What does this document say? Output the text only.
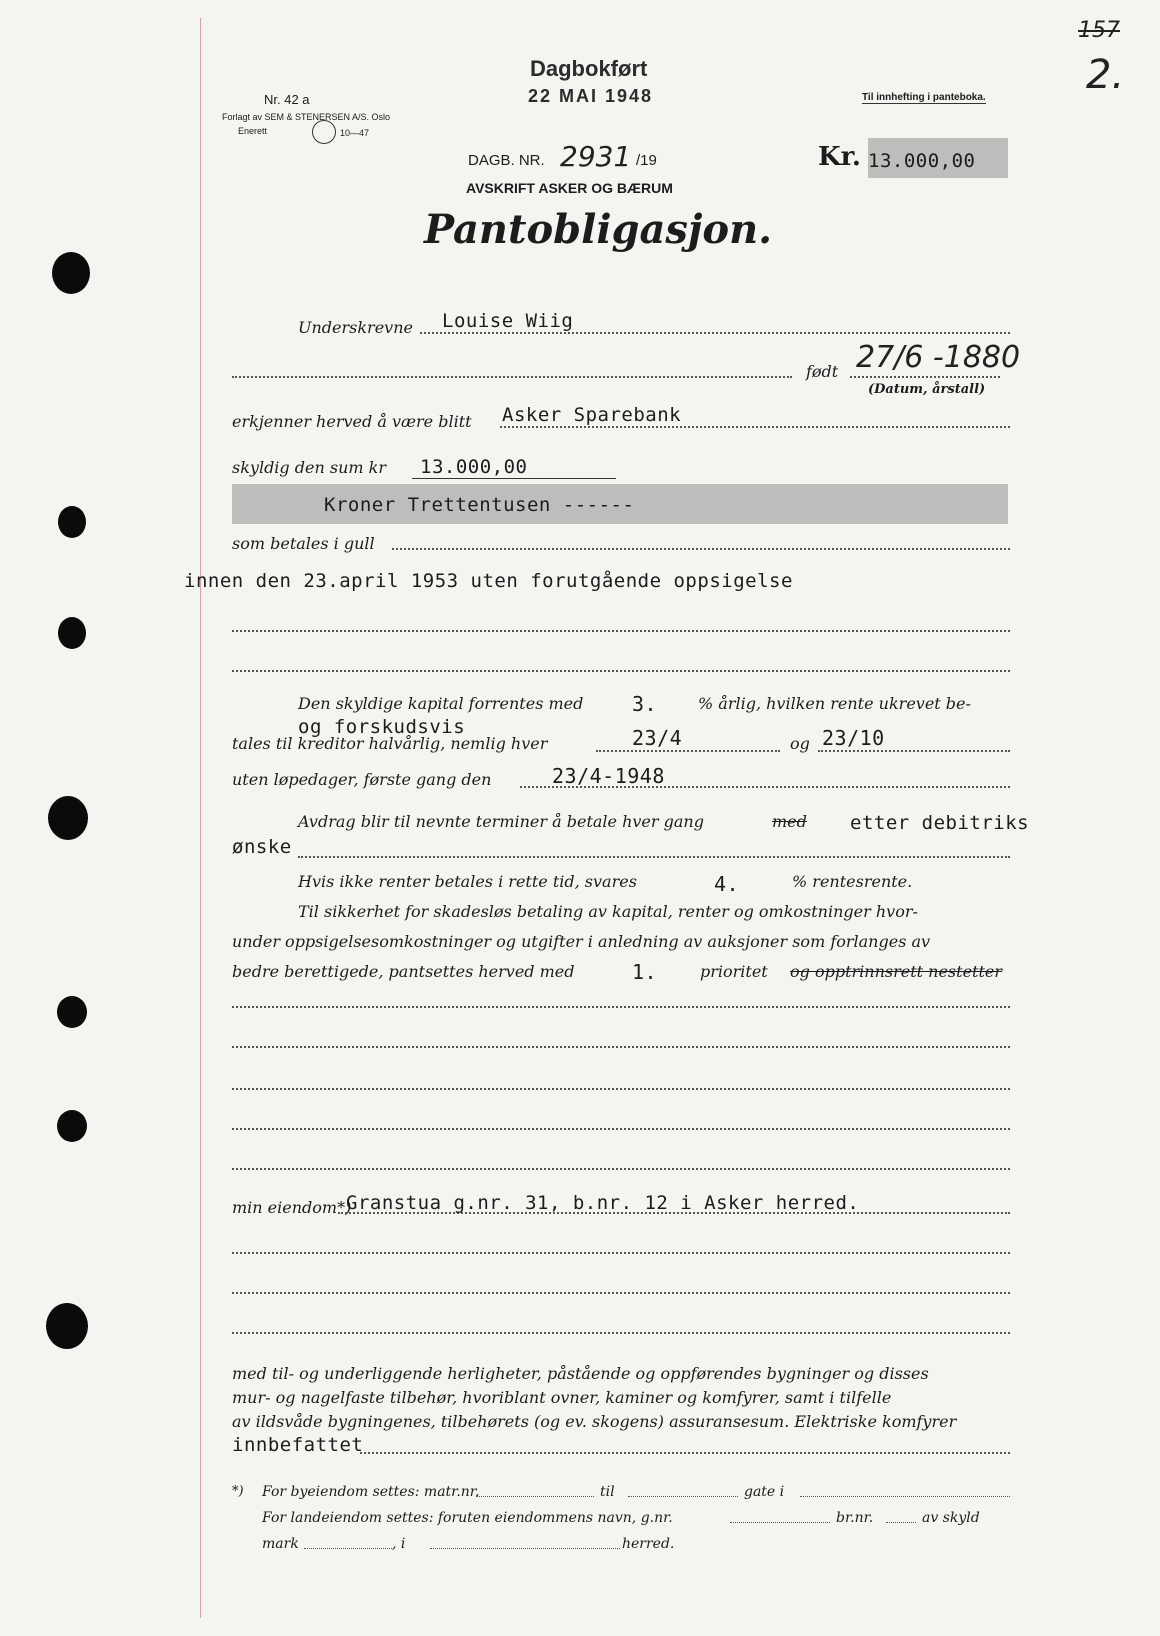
157
2.
Dagbokført
22 MAI 1948
Nr. 42 a
Forlagt av SEM & STENERSEN A/S. Oslo
Enerett	10—47
Til innhefting i panteboka.
DAGB. NR. 2931 /19
AVSKRIFT ASKER OG BÆRUM
Kr. 13.000,00
Pantobligasjon.
Underskrevne Louise Wiig
født 27/6 -1880
(Datum, årstall)
erkjenner herved å være blitt Asker Sparebank
skyldig den sum kr 13.000,00
Kroner Trettentusen ------
som betales i gull
innen den 23.april 1953 uten forutgående oppsigelse
Den skyldige kapital forrentes med 3.	% årlig, hvilken rente ukrevet be-
og forskudsvis
tales til kreditor halvårlig, nemlig hver	23/4	og 23/10
uten løpedager, første gang den	23/4-1948
Avdrag blir til nevnte terminer å betale hver gang	med etter debitriks
ønske
Hvis ikke renter betales i rette tid, svares	4.	% rentesrente.
Til sikkerhet for skadesløs betaling av kapital, renter og omkostninger hvor-
under oppsigelsesomkostninger og utgifter i anledning av auksjoner som forlanges av
bedre berettigede, pantsettes herved med	1.	prioritet og opptrinnsrett nestetter
min eiendom*)
Granstua g.nr. 31, b.nr. 12 i Asker herred.
med til- og underliggende herligheter, påstående og oppførendes bygninger og disses
mur- og nagelfaste tilbehør, hvoriblant ovner, kaminer og komfyrer, samt i tilfelle
av ildsvåde bygningenes, tilbehørets (og ev. skogens) assuransesum. Elektriske komfyrer
innbefattet
*) For byeiendom settes: matr.nr.	til	gate i
For landeiendom settes: foruten eiendommens navn, g.nr.	br.nr.	av skyld
mark	, i	herred.
